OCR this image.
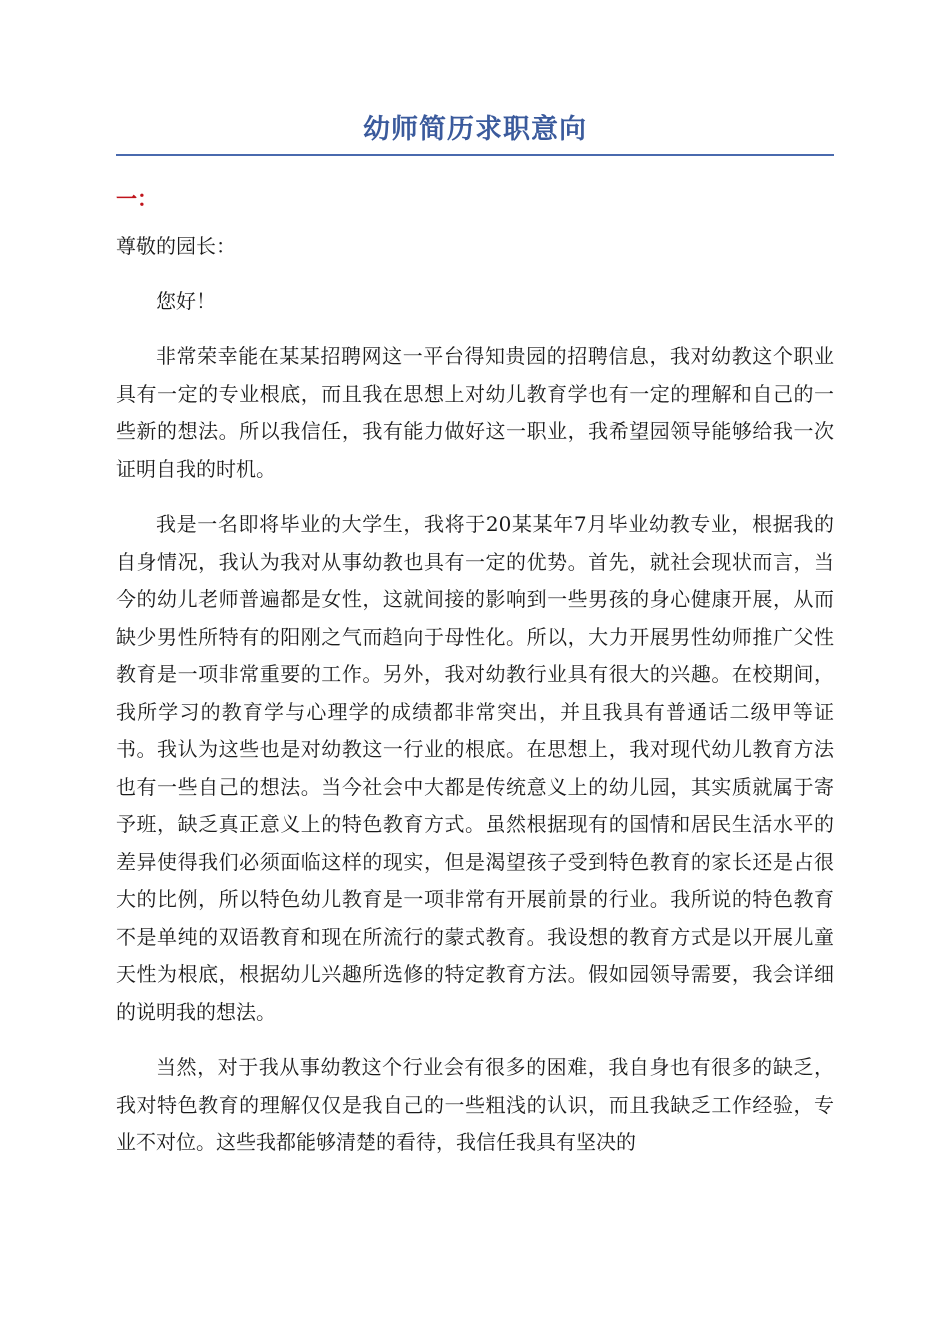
幼师简历求职意向
一：

尊敬的园长：

您好！

非常荣幸能在某某招聘网这一平台得知贵园的招聘信息，我对幼教这个职业具有一定的专业根底，而且我在思想上对幼儿教育学也有一定的理解和自己的一些新的想法。所以我信任，我有能力做好这一职业，我希望园领导能够给我一次证明自我的时机。

我是一名即将毕业的大学生，我将于20某某年7月毕业幼教专业，根据我的自身情况，我认为我对从事幼教也具有一定的优势。首先，就社会现状而言，当今的幼儿老师普遍都是女性，这就间接的影响到一些男孩的身心健康开展，从而缺少男性所特有的阳刚之气而趋向于母性化。所以，大力开展男性幼师推广父性教育是一项非常重要的工作。另外，我对幼教行业具有很大的兴趣。在校期间，我所学习的教育学与心理学的成绩都非常突出，并且我具有普通话二级甲等证书。我认为这些也是对幼教这一行业的根底。在思想上，我对现代幼儿教育方法也有一些自己的想法。当今社会中大都是传统意义上的幼儿园，其实质就属于寄予班，缺乏真正意义上的特色教育方式。虽然根据现有的国情和居民生活水平的差异使得我们必须面临这样的现实，但是渴望孩子受到特色教育的家长还是占很大的比例，所以特色幼儿教育是一项非常有开展前景的行业。我所说的特色教育不是单纯的双语教育和现在所流行的蒙式教育。我设想的教育方式是以开展儿童天性为根底，根据幼儿兴趣所选修的特定教育方法。假如园领导需要，我会详细的说明我的想法。

当然，对于我从事幼教这个行业会有很多的困难，我自身也有很多的缺乏，我对特色教育的理解仅仅是我自己的一些粗浅的认识，而且我缺乏工作经验，专业不对位。这些我都能够清楚的看待，我信任我具有坚决的
